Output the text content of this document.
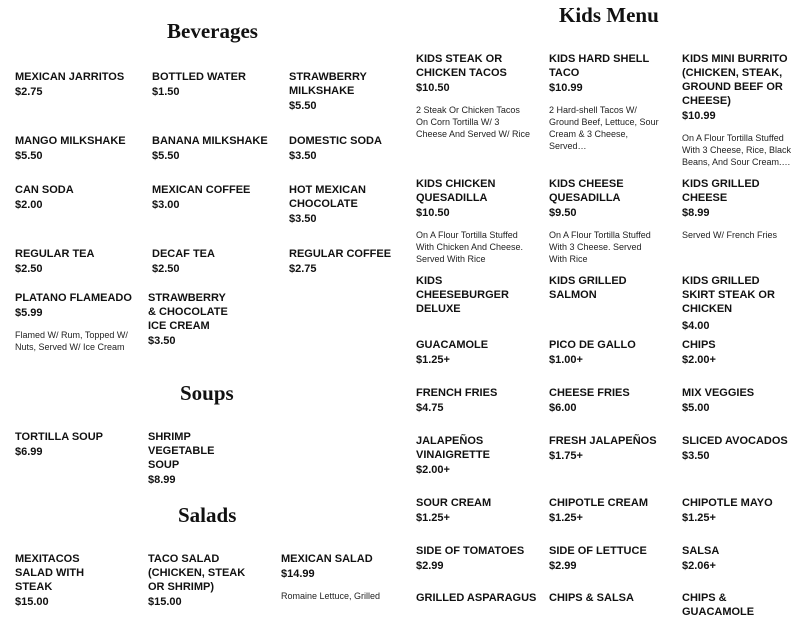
Beverages
MEXICAN JARRITOS
$2.75
BOTTLED WATER
$1.50
STRAWBERRY MILKSHAKE
$5.50
MANGO MILKSHAKE
$5.50
BANANA MILKSHAKE
$5.50
DOMESTIC SODA
$3.50
CAN SODA
$2.00
MEXICAN COFFEE
$3.00
HOT MEXICAN CHOCOLATE
$3.50
REGULAR TEA
$2.50
DECAF TEA
$2.50
REGULAR COFFEE
$2.75
PLATANO FLAMEADO
$5.99
Flamed W/ Rum, Topped W/ Nuts, Served W/ Ice Cream
STRAWBERRY & CHOCOLATE ICE CREAM
$3.50
Soups
TORTILLA SOUP
$6.99
SHRIMP VEGETABLE SOUP
$8.99
Salads
MEXITACOS SALAD WITH STEAK
$15.00
TACO SALAD (CHICKEN, STEAK OR SHRIMP)
$15.00
MEXICAN SALAD
$14.99
Romaine Lettuce, Grilled
Kids Menu
KIDS STEAK OR CHICKEN TACOS
$10.50
2 Steak Or Chicken Tacos On Corn Tortilla W/ 3 Cheese And Served W/ Rice
KIDS HARD SHELL TACO
$10.99
2 Hard-shell Tacos W/ Ground Beef, Lettuce, Sour Cream & 3 Cheese, Served…
KIDS MINI BURRITO (CHICKEN, STEAK, GROUND BEEF OR CHEESE)
$10.99
On A Flour Tortilla Stuffed With 3 Cheese, Rice, Black Beans, And Sour Cream.…
KIDS CHICKEN QUESADILLA
$10.50
On A Flour Tortilla Stuffed With Chicken And Cheese. Served With Rice
KIDS CHEESE QUESADILLA
$9.50
On A Flour Tortilla Stuffed With 3 Cheese. Served With Rice
KIDS GRILLED CHEESE
$8.99
Served W/ French Fries
KIDS CHEESEBURGER DELUXE
KIDS GRILLED SALMON
KIDS GRILLED SKIRT STEAK OR CHICKEN
$4.00
GUACAMOLE
$1.25+
PICO DE GALLO
$1.00+
CHIPS
$2.00+
FRENCH FRIES
$4.75
CHEESE FRIES
$6.00
MIX VEGGIES
$5.00
JALAPEÑOS VINAIGRETTE
$2.00+
FRESH JALAPEÑOS
$1.75+
SLICED AVOCADOS
$3.50
SOUR CREAM
$1.25+
CHIPOTLE CREAM
$1.25+
CHIPOTLE MAYO
$1.25+
SIDE OF TOMATOES
$2.99
SIDE OF LETTUCE
$2.99
SALSA
$2.06+
GRILLED ASPARAGUS	CHIPS & SALSA	CHIPS & GUACAMOLE
